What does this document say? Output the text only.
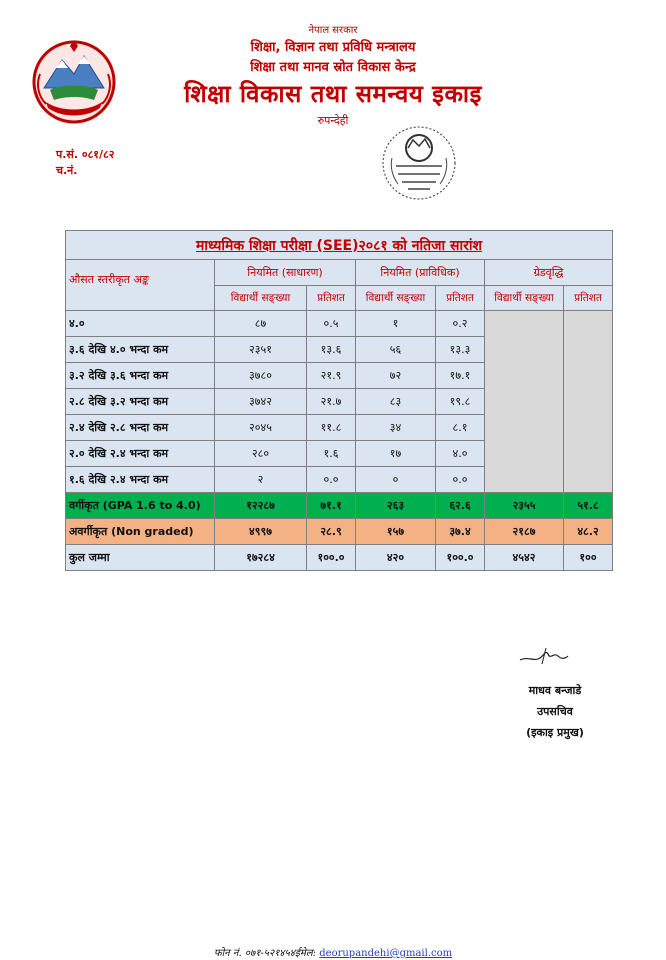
नेपाल सरकार
शिक्षा, विज्ञान तथा प्रविधि मन्त्रालय
शिक्षा तथा मानव स्रोत विकास केन्द्र
शिक्षा विकास तथा समन्वय इकाइ
रुपन्देही
प.सं. ०८१/८२
च.नं.
माध्यमिक शिक्षा परीक्षा (SEE)२०८१ को नतिजा सारांश						
औसत स्तरीकृत अङ्क	नियमित (साधारण)		नियमित (प्राविधिक)		ग्रेडवृद्धि	
	विद्यार्थी सङ्ख्या	प्रतिशत	विद्यार्थी सङ्ख्या	प्रतिशत	विद्यार्थी सङ्ख्या	प्रतिशत
४.०	८७	०.५	१	०.२		
३.६ देखि ४.० भन्दा कम	२३५१	१३.६	५६	१३.३		
३.२ देखि ३.६ भन्दा कम	३७८०	२१.९	७२	१७.१		
२.८ देखि ३.२ भन्दा कम	३७४२	२१.७	८३	१९.८		
२.४ देखि २.८ भन्दा कम	२०४५	११.८	३४	८.१		
२.० देखि २.४ भन्दा कम	२८०	१.६	१७	४.०		
१.६ देखि २.४ भन्दा कम	२	०.०	०	०.०		
वर्गीकृत (GPA 1.6 to 4.0)	१२२८७	७१.१	२६३	६२.६	२३५५	५१.८
अवर्गीकृत (Non graded)	४९९७	२८.९	१५७	३७.४	२१८७	४८.२
कुल जम्मा	१७२८४	१००.०	४२०	१००.०	४५४२	१००
माधव बन्जाडे
उपसचिव
(इकाइ प्रमुख)
फोन नं. ०७१-५२१४५४ईमेल: deorupandehi@gmail.com
